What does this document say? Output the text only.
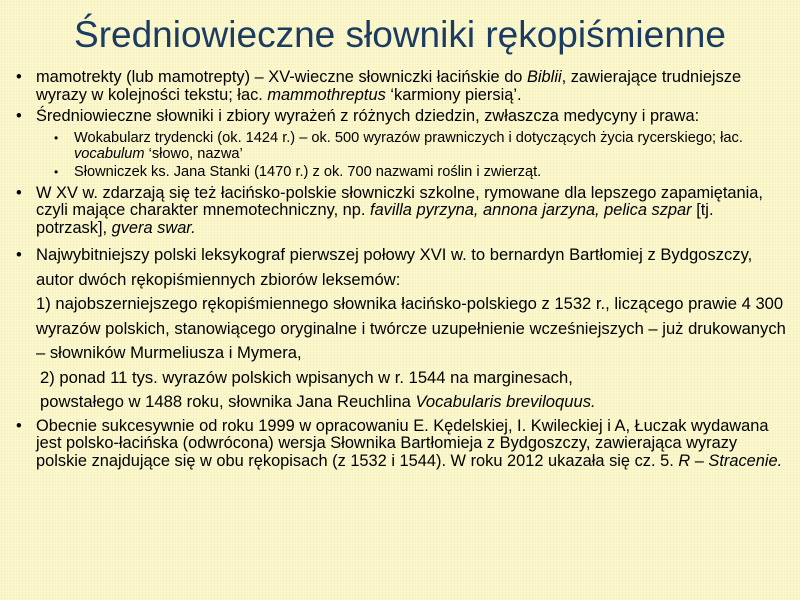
Średniowieczne słowniki rękopiśmienne
• mamotrekty (lub mamotrepty) – XV-wieczne słowniczki łacińskie do Biblii, zawierające trudniejsze wyrazy w kolejności tekstu; łac. mammothreptus ‘karmiony piersią’.
• Średniowieczne słowniki i zbiory wyrażeń z różnych dziedzin, zwłaszcza medycyny i prawa:
• Wokabularz trydencki (ok. 1424 r.) – ok. 500 wyrazów prawniczych i dotyczących życia rycerskiego; łac. vocabulum ‘słowo, nazwa’
• Słowniczek ks. Jana Stanki (1470 r.) z ok. 700 nazwami roślin i zwierząt.
• W XV w. zdarzają się też łacińsko-polskie słowniczki szkolne, rymowane dla lepszego zapamiętania, czyli mające charakter mnemotechniczny, np. favilla pyrzyna, annona jarzyna, pelica szpar [tj. potrzask], gvera swar.
• Najwybitniejszy polski leksykograf pierwszej połowy XVI w. to bernardyn Bartłomiej z Bydgoszczy, autor dwóch rękopiśmiennych zbiorów leksemów:
1) najobszerniejszego rękopiśmiennego słownika łacińsko-polskiego z 1532 r., liczącego prawie 4 300 wyrazów polskich, stanowiącego oryginalne i twórcze uzupełnienie wcześniejszych – już drukowanych – słowników Murmeliusza i Mymera,
2) ponad 11 tys. wyrazów polskich wpisanych w r. 1544 na marginesach,
powstałego w 1488 roku, słownika Jana Reuchlina Vocabularis breviloquus.
• Obecnie sukcesywnie od roku 1999 w opracowaniu E. Kędelskiej, I. Kwileckiej i A, Łuczak wydawana jest polsko-łacińska (odwrócona) wersja Słownika Bartłomieja z Bydgoszczy, zawierająca wyrazy polskie znajdujące się w obu rękopisach (z 1532 i 1544). W roku 2012 ukazała się cz. 5. R – Stracenie.
